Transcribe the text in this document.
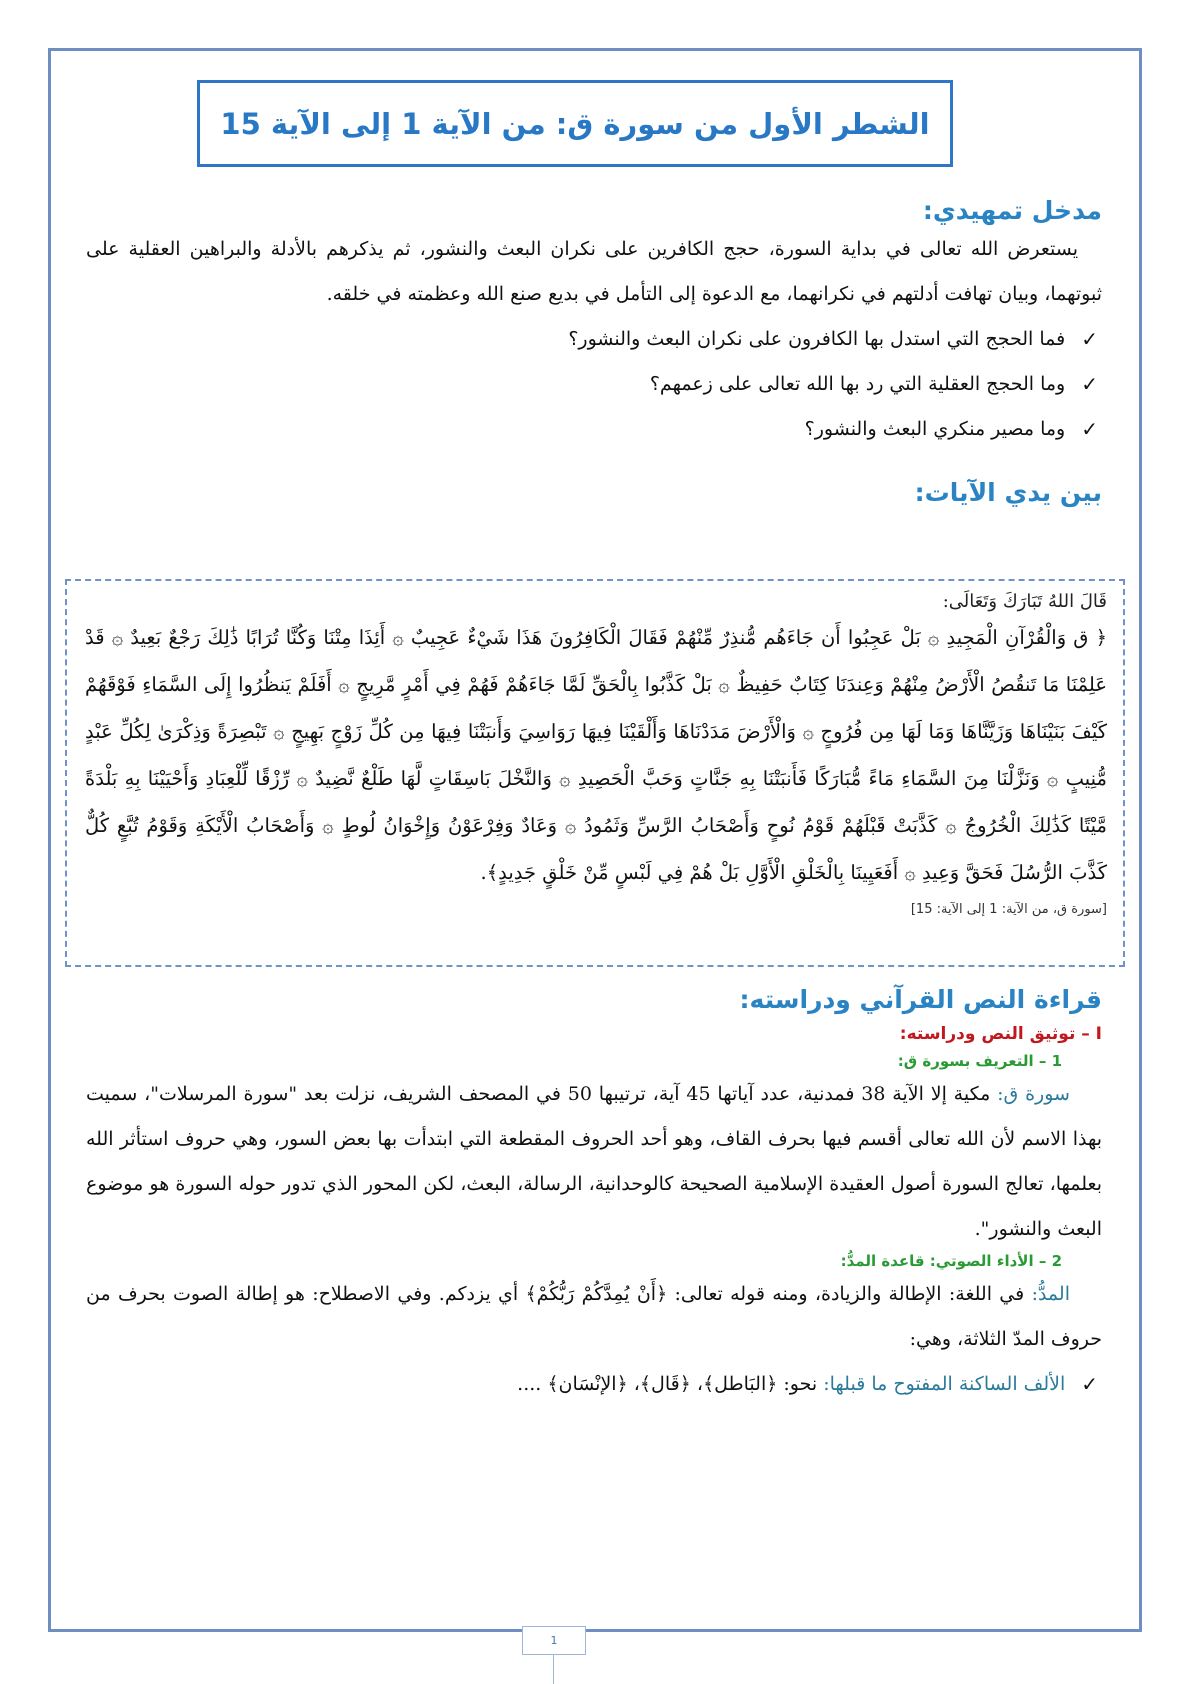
الشطر الأول من سورة ق: من الآية 1 إلى الآية 15
مدخل تمهيدي:

يستعرض الله تعالى في بداية السورة، حجج الكافرين على نكران البعث والنشور، ثم يذكرهم بالأدلة والبراهين العقلية على ثبوتهما، وبيان تهافت أدلتهم في نكرانهما، مع الدعوة إلى التأمل في بديع صنع الله وعظمته في خلقه.

✓
فما الحجج التي استدل بها الكافرون على نكران البعث والنشور؟
✓
وما الحجج العقلية التي رد بها الله تعالى على زعمهم؟
✓
وما مصير منكري البعث والنشور؟
بين يدي الآيات:
قَالَ اللهُ تَبَارَكَ وَتَعَالَى:

﴿ ق وَالْقُرْآنِ الْمَجِيدِ ۞ بَلْ عَجِبُوا أَن جَاءَهُم مُّنذِرٌ مِّنْهُمْ فَقَالَ الْكَافِرُونَ هَذَا شَيْءٌ عَجِيبٌ ۞ أَئِذَا مِتْنَا وَكُنَّا تُرَابًا ذَٰلِكَ رَجْعٌ بَعِيدٌ ۞ قَدْ عَلِمْنَا مَا تَنقُصُ الْأَرْضُ مِنْهُمْ وَعِندَنَا كِتَابٌ حَفِيظٌ ۞ بَلْ كَذَّبُوا بِالْحَقِّ لَمَّا جَاءَهُمْ فَهُمْ فِي أَمْرٍ مَّرِيجٍ ۞ أَفَلَمْ يَنظُرُوا إِلَى السَّمَاءِ فَوْقَهُمْ كَيْفَ بَنَيْنَاهَا وَزَيَّنَّاهَا وَمَا لَهَا مِن فُرُوجٍ ۞ وَالْأَرْضَ مَدَدْنَاهَا وَأَلْقَيْنَا فِيهَا رَوَاسِيَ وَأَنبَتْنَا فِيهَا مِن كُلِّ زَوْجٍ بَهِيجٍ ۞ تَبْصِرَةً وَذِكْرَىٰ لِكُلِّ عَبْدٍ مُّنِيبٍ ۞ وَنَزَّلْنَا مِنَ السَّمَاءِ مَاءً مُّبَارَكًا فَأَنبَتْنَا بِهِ جَنَّاتٍ وَحَبَّ الْحَصِيدِ ۞ وَالنَّخْلَ بَاسِقَاتٍ لَّهَا طَلْعٌ نَّضِيدٌ ۞ رِّزْقًا لِّلْعِبَادِ وَأَحْيَيْنَا بِهِ بَلْدَةً مَّيْتًا كَذَٰلِكَ الْخُرُوجُ ۞ كَذَّبَتْ قَبْلَهُمْ قَوْمُ نُوحٍ وَأَصْحَابُ الرَّسِّ وَثَمُودُ ۞ وَعَادٌ وَفِرْعَوْنُ وَإِخْوَانُ لُوطٍ ۞ وَأَصْحَابُ الْأَيْكَةِ وَقَوْمُ تُبَّعٍ كُلٌّ كَذَّبَ الرُّسُلَ فَحَقَّ وَعِيدِ ۞ أَفَعَيِينَا بِالْخَلْقِ الْأَوَّلِ بَلْ هُمْ فِي لَبْسٍ مِّنْ خَلْقٍ جَدِيدٍ﴾.

[سورة ق، من الآية: 1 إلى الآية: 15]
قراءة النص القرآني ودراسته:
I – توثيق النص ودراسته:
1 – التعريف بسورة ق:

سورة ق: مكية إلا الآية 38 فمدنية، عدد آياتها 45 آية، ترتيبها 50 في المصحف الشريف، نزلت بعد "سورة المرسلات"، سميت بهذا الاسم لأن الله تعالى أقسم فيها بحرف القاف، وهو أحد الحروف المقطعة التي ابتدأت بها بعض السور، وهي حروف استأثر الله بعلمها، تعالج السورة أصول العقيدة الإسلامية الصحيحة كالوحدانية، الرسالة، البعث، لكن المحور الذي تدور حوله السورة هو موضوع البعث والنشور".

2 – الأداء الصوتي: قاعدة المدُّ:

المدُّ: في اللغة: الإطالة والزيادة، ومنه قوله تعالى: ﴿أَنْ يُمِدَّكُمْ رَبُّكُمْ﴾ أي يزدكم. وفي الاصطلاح: هو إطالة الصوت بحرف من حروف المدّ الثلاثة، وهي:

✓
الألف الساكنة المفتوح ما قبلها: نحو: ﴿البَاطل﴾، ﴿قَال﴾، ﴿الإنْسَان﴾ ....
1
